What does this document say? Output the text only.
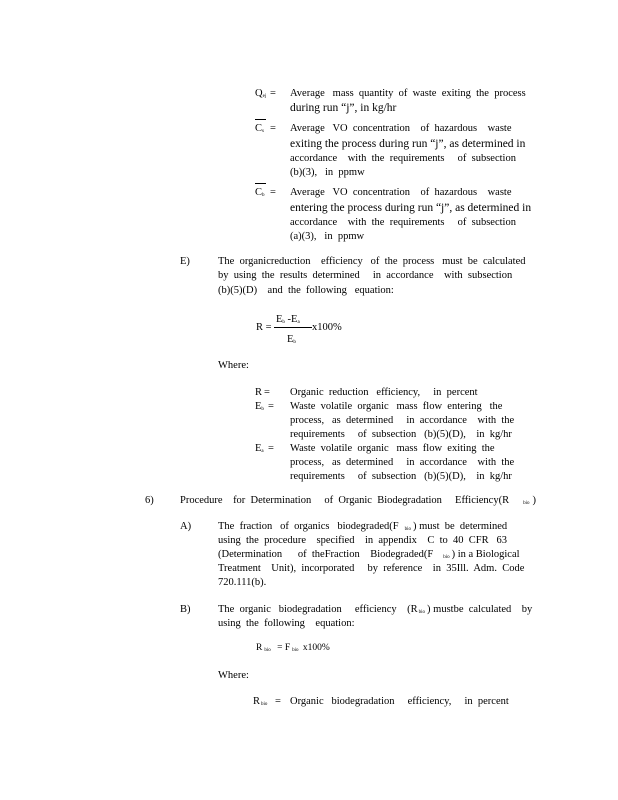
$Q_{ej}$ = Average   mass  quantity  of  waste  exiting  the  process
during run “j”, in kg/hr
$C_s$ = Average   VO  concentration    of  hazardous    waste
exiting the process during run “j”, as determined in
accordance    with  the  requirements     of  subsection
(b)(3),   in  ppmw
$C_b$ = Average   VO  concentration    of  hazardous    waste
entering the process during run “j”, as determined in
accordance    with  the  requirements     of  subsection
(a)(3),   in  ppmw
E)	The  organicreduction    efficiency   of  the  process   must  be  calculated
by  using  the  results  determined     in  accordance    with  subsection
(b)(5)(D)    and  the  following   equation:
R =
$E_b$ $-E_a$ x100%
$E_b$
Where:
R = Organic  reduction   efficiency,     in  percent
$E_b$ = Waste  volatile  organic   mass  flow  entering   the
process,   as  determined     in  accordance    with  the
requirements     of  subsection   (b)(5)(D),    in  kg/hr
$E_a$ = Waste  volatile  organic   mass  flow  exiting  the
process,   as  determined     in  accordance    with  the
requirements     of  subsection   (b)(5)(D),    in  kg/hr
6)	Procedure    for  Determination     of  Organic  Biodegradation     Efficiency(R	$_{bio}$ )
A)	The  fraction   of  organics   biodegraded(F $_{bio}$ ) must  be  determined
using  the  procedure    specified    in  appendix    C  to  40  CFR   63
(Determination      of  theFraction    Biodegraded(F $_{bio}$ ) in a Biological
Treatment    Unit),  incorporated     by  reference    in  35Ill.  Adm.  Code
720.111(b).
B)	The  organic   biodegradation     efficiency    ($R_{bio}$ ) mustbe  calculated    by
using  the  following    equation:
R $_{bio}$ = F $_{bio}$ x100%
Where:
$R_{bio}$ = Organic   biodegradation     efficiency,     in  percent
